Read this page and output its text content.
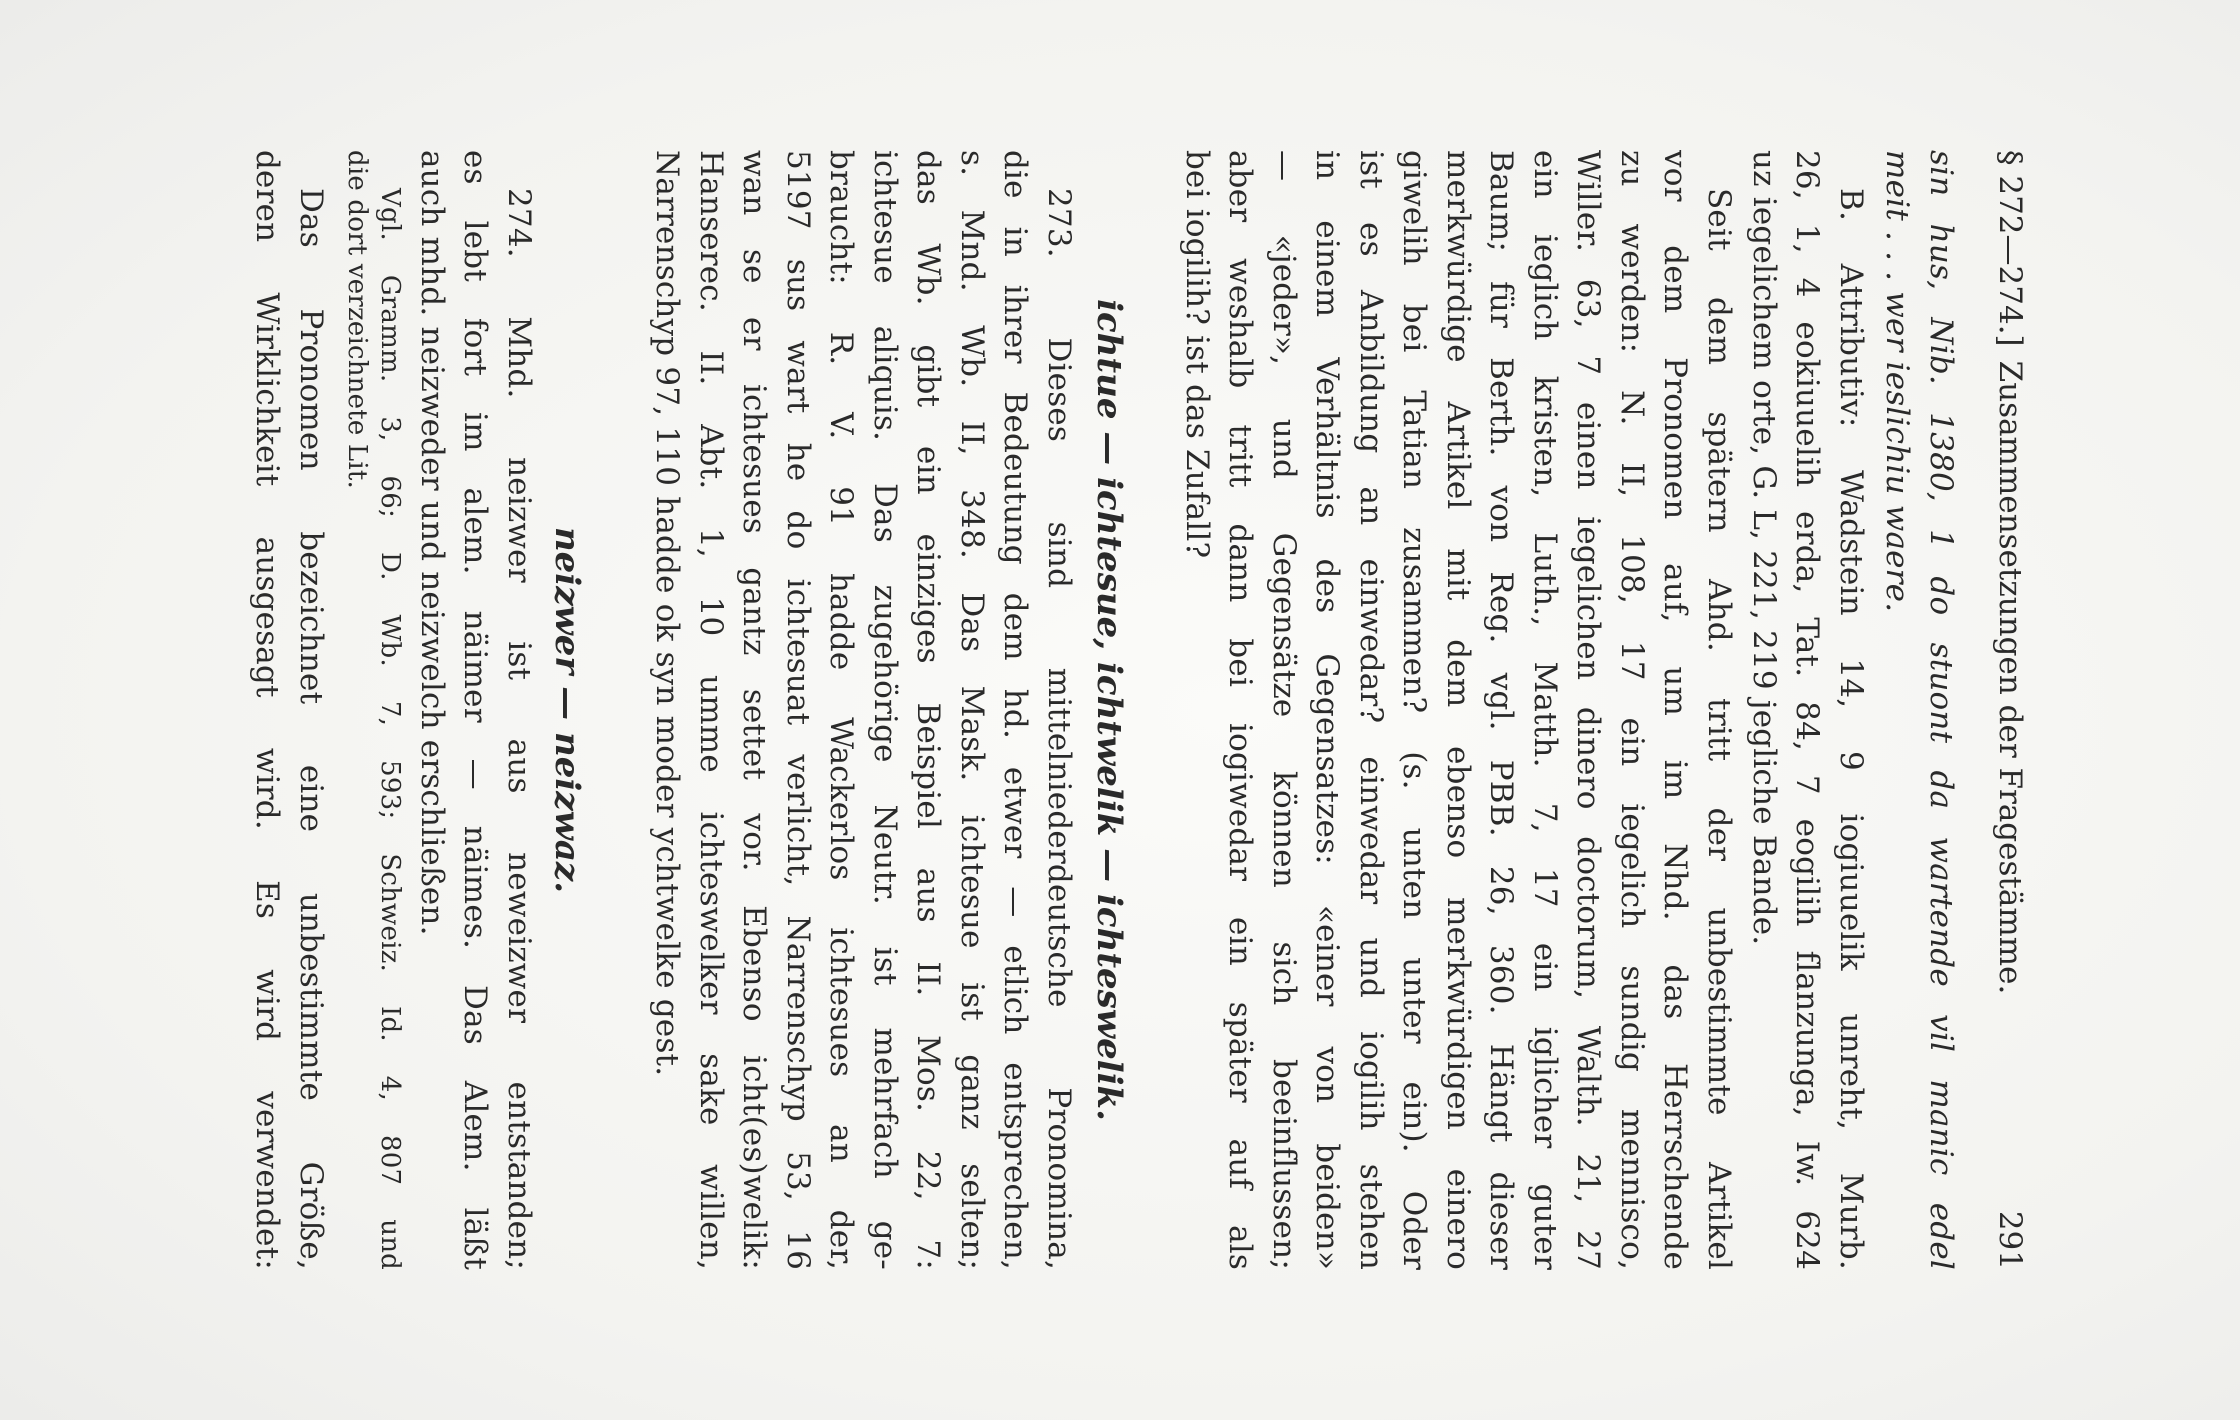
§ 272—274.]
Zusammensetzungen der Fragestämme.
291
sin hus, Nib. 1380, 1 do stuont da wartende vil manic edel
meit . . . wer ieslichiu waere.
B. Attributiv: Wadstein 14, 9 iogiuuelik unreht, Murb.
26, 1, 4 eokiuuelih erda, Tat. 84, 7 eogilih flanzunga, Iw. 624
uz iegelichem orte, G. L, 221, 219 jegliche Bande.
Seit dem spätern Ahd. tritt der unbestimmte Artikel
vor dem Pronomen auf, um im Nhd. das Herrschende
zu werden: N. II, 108, 17 ein iegelich sundig mennisco,
Willer. 63, 7 einen iegelichen dinero doctorum, Walth. 21, 27
ein ieglich kristen, Luth., Matth. 7, 17 ein iglicher guter
Baum; für Berth. von Reg. vgl. PBB. 26, 360. Hängt dieser
merkwürdige Artikel mit dem ebenso merkwürdigen einero
giwelih bei Tatian zusammen? (s. unten unter ein). Oder
ist es Anbildung an einwedar? einwedar und iogilih stehen
in einem Verhältnis des Gegensatzes: «einer von beiden»
— «jeder», und Gegensätze können sich beeinflussen;
aber weshalb tritt dann bei iogiwedar ein später auf als
bei iogilih? ist das Zufall?
ichtue — ichtesue, ichtwelik — ichteswelik.
273. Dieses sind mittelniederdeutsche Pronomina,
die in ihrer Bedeutung dem hd. etwer — etlich entsprechen,
s. Mnd. Wb. II, 348. Das Mask. ichtesue ist ganz selten;
das Wb. gibt ein einziges Beispiel aus II. Mos. 22, 7:
ichtesue aliquis. Das zugehörige Neutr. ist mehrfach ge-
braucht: R. V. 91 hadde Wackerlos ichtesues an der,
5197 sus wart he do ichtesuat verlicht, Narrenschyp 53, 16
wan se er ichtesues gantz settet vor. Ebenso icht(es)welik:
Hanserec. II. Abt. 1, 10 umme ichteswelker sake willen,
Narrenschyp 97, 110 hadde ok syn moder ychtwelke gest.
neizwer — neizwaz.
274. Mhd. neizwer ist aus newеizwer entstanden;
es lebt fort im alem. näimer — näimes. Das Alem. läßt
auch mhd. neizweder und neizwelch erschließen.
Vgl. Gramm. 3, 66; D. Wb. 7, 593; Schweiz. Id. 4, 807 und
die dort verzeichnete Lit.
Das Pronomen bezeichnet eine unbestimmte Größe,
deren Wirklichkeit ausgesagt wird. Es wird verwendet:
